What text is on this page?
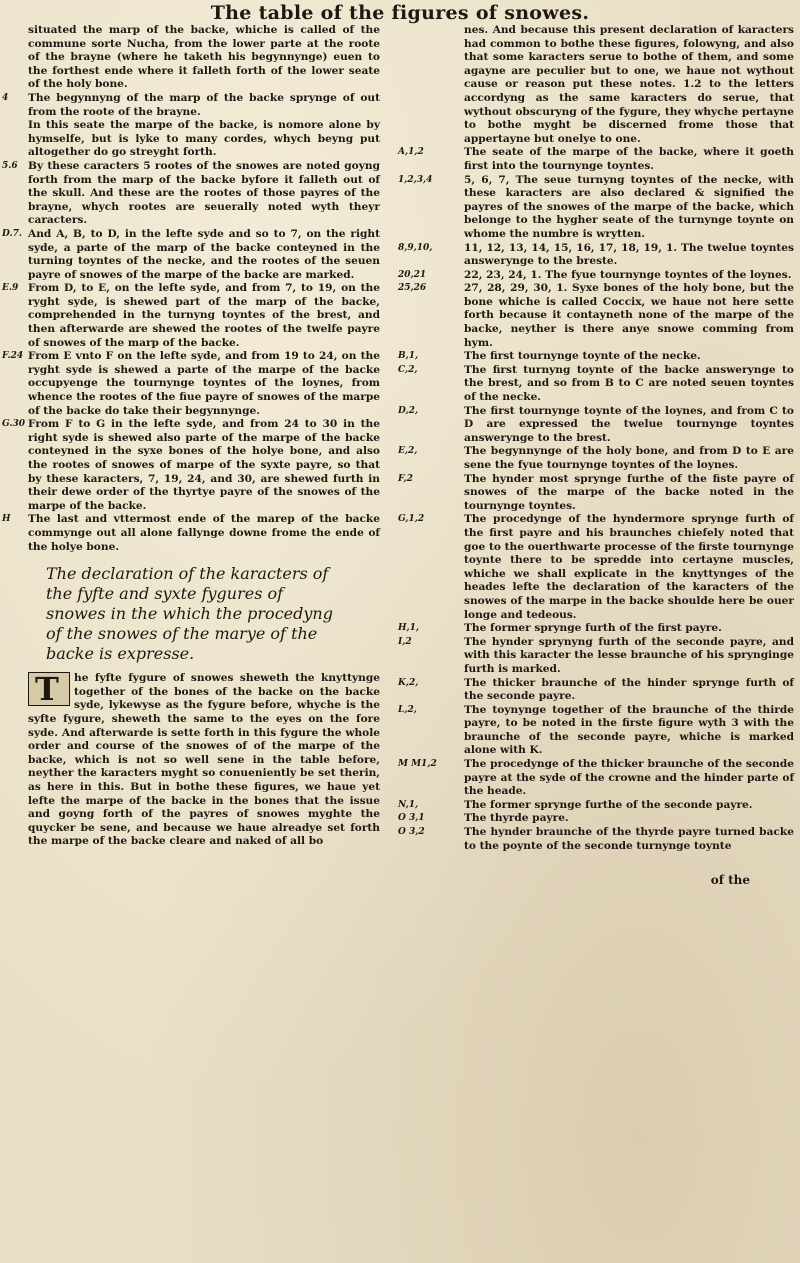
The table of the figures of snowes.

situated the marp of the backe, whiche is called of the commune sorte Nucha, from the lower parte at the roote of the brayne (where he taketh his begynnynge) euen to the forthest ende where it falleth forth of the lower seate of the holy bone.

4 The begynnyng of the marp of the backe sprynge of out from the roote of the brayne.

In this seate the marpe of the backe, is nomore alone by hymselfe, but is lyke to many cordes, whych beyng put altogether do go streyght forth.

5.6 By these caracters 5 rootes of the snowes are noted goyng forth from the marp of the backe byfore it falleth out of the skull. And these are the rootes of those payres of the brayne, whych rootes are seuerally noted wyth theyr caracters.

D.7. And A, B, to D, in the lefte syde and so to 7, on the right syde, a parte of the marp of the backe conteyned in the turning toyntes of the necke, and the rootes of the seuen payre of snowes of the marpe of the backe are marked.

E.9 From D, to E, on the lefte syde, and from 7, to 19, on the ryght syde, is shewed part of the marp of the backe, comprehended in the turnyng toyntes of the brest, and then afterwarde are shewed the rootes of the twelfe payre of snowes of the marp of the backe.

F.24 From E vnto F on the lefte syde, and from 19 to 24, on the ryght syde is shewed a parte of the marpe of the backe occupyenge the tournynge toyntes of the loynes, from whence the rootes of the fiue payre of snowes of the marpe of the backe do take their begynnynge.

G.30 From F to G in the lefte syde, and from 24 to 30 in the right syde is shewed also parte of the marpe of the backe conteyned in the syxe bones of the holye bone, and also the rootes of snowes of marpe of the syxte payre, so that by these karacters, 7, 19, 24, and 30, are shewed furth in their dewe order of the thyrtye payre of the snowes of the marpe of the backe.

H The last and vttermost ende of the marep of the backe commynge out all alone fallynge downe frome the ende of the holye bone.

The declaration of the karacters of the fyfte and syxte fygures of snowes in the which the procedyng of the snowes of the marye of the backe is expresse.

T he fyfte fygure of snowes sheweth the knyttynge together of the bones of the backe on the backe syde, lykewyse as the fygure before, whyche is the syfte fygure, sheweth the same to the eyes on the fore syde. And afterwarde is sette forth in this fygure the whole order and course of the snowes of of the marpe of the backe, which is not so well sene in the table before, neyther the karacters myght so conueniently be set therin, as here in this. But in bothe these figures, we haue yet lefte the marpe of the backe in the bones that the issue and goyng forth of the payres of snowes myghte the quycker be sene, and because we haue alreadye set forth the marpe of the backe cleare and naked of all bo

nes. And because this present declaration of karacters had common to bothe these figures, folowyng, and also that some karacters serue to bothe of them, and some agayne are peculier but to one, we haue not wythout cause or reason put these notes. 1.2 to the letters accordyng as the same karacters do serue, that wythout obscuryng of the fygure, they whyche pertayne to bothe myght be discerned frome those that appertayne but onelye to one.

A,1,2	The seate of the marpe of the backe, where it goeth first into the tournynge toyntes.

1,2,3,4	5, 6, 7, The seue turnyng toyntes of the necke, with these karacters are also declared & signified the payres of the snowes of the marpe of the backe, which belonge to the hygher seate of the turnynge toynte on whome the numbre is wrytten.

8,9,10,	11, 12, 13, 14, 15, 16, 17, 18, 19, 1. The twelue toyntes answerynge to the breste.

20,21	22, 23, 24, 1. The fyue tournynge toyntes of the loynes.

25,26	27, 28, 29, 30, 1. Syxe bones of the holy bone, but the bone whiche is called Coccix, we haue not here sette forth because it contayneth none of the marpe of the backe, neyther is there anye snowe comming from hym.

B,1,	The first tournynge toynte of the necke.

C,2,	The first turnyng toynte of the backe answerynge to the brest, and so from B to C are noted seuen toyntes of the necke.

D,2,	The first tournynge toynte of the loynes, and from C to D are expressed the twelue tournynge toyntes answerynge to the brest.

E,2,	The begynnynge of the holy bone, and from D to E are sene the fyue tournynge toyntes of the loynes.

F,2	The hynder most sprynge furthe of the fiste payre of snowes of the marpe of the backe noted in the tournynge toyntes.

G,1,2	The procedynge of the hyndermore sprynge furth of the first payre and his braunches chiefely noted that goe to the ouerthwarte processe of the firste tournynge toynte there to be spredde into certayne muscles, whiche we shall explicate in the knyttynges of the heades lefte the declaration of the karacters of the snowes of the marpe in the backe shoulde here be ouer longe and tedeous.

H,1,	The former sprynge furth of the first payre.

I,2	The hynder sprynyng furth of the seconde payre, and with this karacter the lesse braunche of his sprynginge furth is marked.

K,2,	The thicker braunche of the hinder sprynge furth of the seconde payre.

L,2,	The toynynge together of the braunche of the thirde payre, to be noted in the firste figure wyth 3 with the braunche of the seconde payre, whiche is marked alone with K.

M M1,2	The procedynge of the thicker braunche of the seconde payre at the syde of the crowne and the hinder parte of the heade.

N,1,	The former sprynge furthe of the seconde payre.

O 3,1	The thyrde payre.

O 3,2	The hynder braunche of the thyrde payre turned backe to the poynte of the seconde turnynge toynte

of the
